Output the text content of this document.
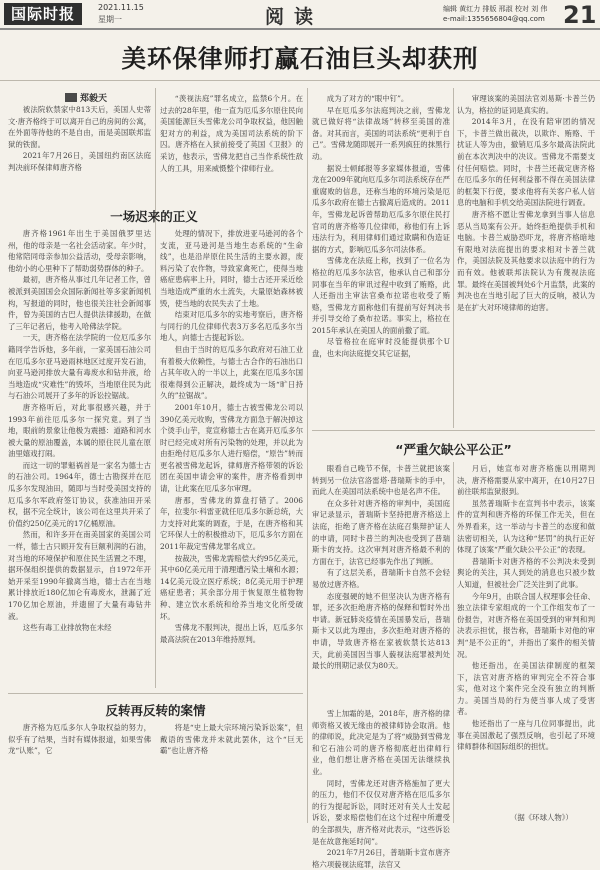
国际时报	2021.11.15
星期一	阅读	编辑 黄红力 排版 邢淑 校对 刘 伟
e-mail:1355656804@qq.com 21
美环保律师打赢石油巨头却获刑
郑毅天

被法院软禁家中813天后，美国人史蒂文·唐齐格终于可以离开自己的房间的公寓，在外面等待他的不是自由，而是美国联邦监狱的铁窗。

2021年7月26日，美国纽约南区法庭判决前环保律师唐齐格

一场迟来的正义

唐齐格1961年出生于美国俄罗里达州，他的母亲是一名社会活动家。年少时，他常陪同母亲参加公益活动，受母亲影响，他幼小的心里种下了帮助弱势群体的种子。

最初，唐齐格从事过几年记者工作，曾被派到美国国会众国际新闻社等多家新闻机构，写报道的同时，他也很关注社会新闻事件，曾为美国的古巴人提供法律援助，在做了三年记者后，他考入哈佛法学院。

一天，唐齐格在法学院的一位厄瓜多尔籍同学告诉他，多年前，一家美国石油公司在厄瓜多尔亚马逊雨林地区过度开发石油，向亚马逊河排放大量有毒废水和钻井液，给当地造成“灾难性”的毁坏，当地原住民为此与石油公司展开了多年的诉讼拉锯战。

唐齐格听后，对此事很感兴趣，并于1993年前往厄瓜多尔一探究竟。到了当地，眼前的景象让他极为震撼：道路和河水被大量的原油覆盖，本属的原住民儿童在原油里嬉戏打闹。

而这一切的罪魁祸首是一家名为德士古的石油公司。1964年，德士古勘探并在厄瓜多尔发现油田，随即与当时受美国支持的厄瓜多尔军政府签订协议，获准油田开采权，据不完全统计，该公司在这里共开采了价值约250亿美元的17亿桶原油。

然而，和许多开在南美国家的美国公司一样，德士古只顾开发有巨额利润的石油，对当地的环境保护和原住民生活置之不理，据环保组织提供的数据显示，自1972年开始开采至1990年撤离当地，德士古在当地累计排放近180亿加仑有毒废水，泄漏了近170亿加仑原油，并遗留了大量有毒钻井液。

这些有毒工业排放物在未经

“羡视法庭”罪名成立，监禁6个月。在过去的28年里，他一直为厄瓜多尔原住民向美国能源巨头雪佛龙公司争取权益，他因触犯对方的利益，成为美国司法系统的阶下囚。唐齐格在入狱前接受了英国《卫报》的采访，他表示，雪佛龙把自己当作系统性敌人的工具，用来威慑整个律师行业。

处理的情况下，排放进亚马逊河的各个支流，亚马逊河是当地生态系统的“生命线”，也是沿岸原住民生活的主要水源，废料污染了农作物，导致家禽死亡，使得当地癌症患病率上升，同时，德士古还开采近绘当地造成严重的水土流失，大量原始森林被毁，使当地的农民失去了土地。

结束对厄瓜多尔的实地考察后，唐齐格与同行的几位律师代表3万多名厄瓜多尔当地人，向德士古提起诉讼。

但由于当时的厄瓜多尔政府对石油工业有着极大依赖性，与德士古合作的石油出口占其年收入的一半以上，此案在厄瓜多尔国很难得到公正解决，最终成为一场“旷日持久的”拉锯战”。

2001年10月，德士古被雪佛龙公司以390亿美元收购，雪佛龙方面急于解决掉这个烫手山芋，竟宣称德士古在离开厄瓜多尔时已经完成对所有污染物的处理，并以此为由拒绝付厄瓜多尔人进行赔偿，“原告”转而更名被雪佛龙起诉，律师唐齐格带领的诉讼团在美国申请会审的案件，唐齐格看到申请，让此案在厄瓜多尔审理。

唐那，雪佛龙的算盘打错了。2006年，拉斐尔·科雷亚就任厄瓜多尔新总统，大力支持对此案的调查，于是，在唐齐格和其它环保人士的积极推动下，厄瓜多尔方面在2011年裁定雪佛龙罪名成立。

按裁决，雪佛龙需赔偿大约95亿美元，其中60亿美元用于清理遭污染土壤和水源；14亿美元设立医疗系统；8亿美元用于护理癌症患者；其余部分用于恢复原生植物物种、建立饮水系统和给养当地文化所受破坏。

雪佛龙不服判决，提出上诉，厄瓜多尔最高法院在2013年维持原判。

反转再反转的案情

唐齐格为厄瓜多尔人争取权益的努力，似乎有了结果，当时有媒体报道，如果雪佛龙“认账”，它

将是“史上最大宗环境污染诉讼案”，但戴语的雪佛龙并未就此罢休，这个“巨无霸”也让唐齐格

成为了对方的“眼中钉”。

早在厄瓜多尔法庭判决之前，雪佛龙就已做好将“法律战场”转移至美国的准备。对其而言，美国的司法系统“更利于自己”。雪佛龙随即展开一系列疯狂的抹黑行动。

据说士顿邮报等多家媒体报道，雪佛龙在2009年就向厄瓜多尔司法系统存在严重腐败的信息，还称当地的环境污染是厄瓜多尔政府在德士古撤离后造成的。2011年，雪佛龙起诉曾帮助厄瓜多尔原住民打官司的唐齐格等几位律师，称他们有上诉违法行为，利用律师们通过欺瞒和伪造证据的方式，影响厄瓜多尔司法体系。

雪佛龙在法庭上称，找到了一位名为格拉的厄瓜多尔法官，他承认自己和部分同事在当年的审讯过程中收到了贿赂，此人还指出主审法官桑布拉诺也收受了贿赂，雪佛龙方面称他们有提前写好判决书并引导交给了桑布拉诺。事实上，格拉在2015年承认在美国人的面前撒了谎。

尽管格拉在庭审时没能提供那个U盘，也未向法庭提交其它证据，

审理该案的美国法官刘易斯·卡普兰仍认为，格拉的证词是真实的。

2014年3月，在没有陪审团的情况下，卡普兰做出裁决，以欺诈、贿赂、干扰证人等为由，撤销厄瓜多尔最高法院此前在本次判决中的决议。雪佛龙不需要支付任何赔偿。同时，卡普兰还裁定唐齐格在厄瓜多尔的任何利益都不得在美国法律的框架下行使，要求他将有关客户私人信息的电脑和手机交给美国法院进行调查。

唐齐格不愿让雪佛龙拿到当事人信息恶从当局案有公开。始终拒绝提供手机和电脑。卡普兰威胁恐吓龙，将唐齐格暗地有限地对法庭提出的要求相对卡普兰就作，美国法院及其他要求以法庭中的行为而有效。他被联邦法院认为有蔑视法庭罪。最终在美国被判处6个月监禁，此案的判决也在当地引起了巨大的反响，被认为是在扩大对环境律师的迫害。

“严重欠缺公平公正”

眼看自己晚节不保，卡普兰就把该案转到另一位法官洛雷塔·普瑞斯卡的手中，而此人在美国司法系统中也是名声不佳。

在众多针对唐齐格的审判中，美国庭审记录显示，普瑞斯卡坚持把唐齐格送上法庭，拒绝了唐齐格在法庭召集辩护证人的申请，同时卡普兰的判决也受到了普瑞斯卡的支持。这次审判对唐齐格最不利的方面在于，法官已经事先作出了判断。

有了这层关系，普瑞斯卡自然不会轻易放过唐齐格。

态度强硬的她不但坚决认为唐齐格有罪，还多次拒绝唐齐格的保释和暂时外出申请。新冠肺炎疫情在美国暴发后，普瑞斯卡又以此为理由，多次拒绝对唐齐格的申请，导致唐齐格在家被软禁长达813天，此前美国因当事人藐视法庭罪被判处最长的刑期记录仅为80天。

雪上加霜的是，2018年，唐齐格的律师资格又被无缘由的被律师协会取消。他的律师说，此决定是为了将“威胁到雪佛龙和它石油公司的唐齐格彻底赶出律师行业，他们想让唐齐格在美国无法继续执业。

同时，雪佛龙还对唐齐格施加了更大的压力，他们不仅仅对唐齐格在厄瓜多尔的行为提起诉讼，同时还对有关人士发起诉讼，要求赔偿他们在这个过程中所遭受的全部损失，唐齐格对此表示，“这些诉讼是在故意拖延时间”。

2021年7月26日，普瑞斯卡宣布唐齐格六项藐视法庭罪，法官又

月后，她宣布对唐齐格施以刑期判决，唐齐格需要从家中离开，在10月27日前往联邦监狱报到。

虽然普瑞斯卡在宣判书中表示，该案件的宣判和唐齐格的环保工作无关，但在外界看来，这一举动与卡普兰的态度和做法密切相关，认为这种“惩罚”的执行正好体现了该案“严重欠缺公平公正”的表现。

普瑞斯卡对唐齐格的不公判决未受到舆论的关注，其人到处的消息也只被少数人知道，但被社会广泛关注到了此事。

今年9月，由联合国人权理事会任命、独立法律专家组成的一个工作组发布了一份报告，对唐齐格在美国受到的审判和判决表示担忧，报告称，普瑞斯卡对他的审判“是不公正的”，并指出了案件的相关情况。

他还指出，在美国法律制度的框架下，法官对唐齐格的审判完全不符合事实，他对这个案件完全没有独立的判断力。美国当局的行为使当事人成了受害者。

他还指出了一座与几位同事提出，此事在美国激起了强烈反响，也引起了环境律师群体和国际组织的担忧。

（据《环球人物》）
